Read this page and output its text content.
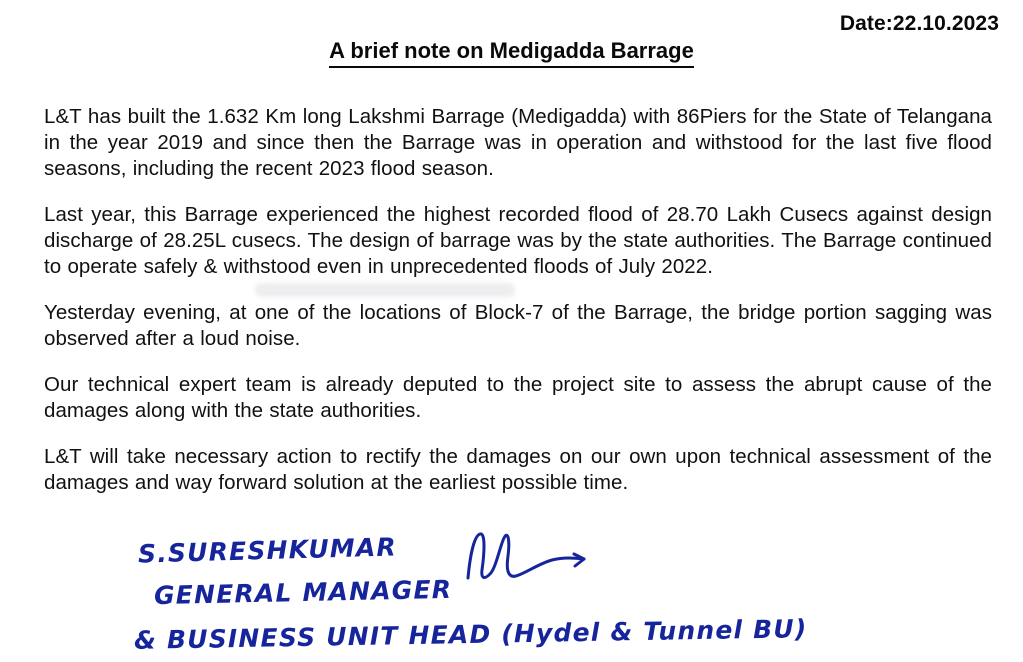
Date:22.10.2023
A brief note on Medigadda Barrage

L&T has built the 1.632 Km long Lakshmi Barrage (Medigadda) with 86Piers for the State of Telangana in the year 2019 and since then the Barrage was in operation and withstood for the last five flood seasons, including the recent 2023 flood season.

Last year, this Barrage experienced the highest recorded flood of 28.70 Lakh Cusecs against design discharge of 28.25L cusecs. The design of barrage was by the state authorities. The Barrage continued to operate safely & withstood even in unprecedented floods of July 2022.

Yesterday evening, at one of the locations of Block-7 of the Barrage, the bridge portion sagging was observed after a loud noise.

Our technical expert team is already deputed to the project site to assess the abrupt cause of the damages along with the state authorities.

L&T will take necessary action to rectify the damages on our own upon technical assessment of the damages and way forward solution at the earliest possible time.

S.SURESHKUMAR
GENERAL MANAGER
& BUSINESS UNIT HEAD (Hydel & Tunnel BU)
